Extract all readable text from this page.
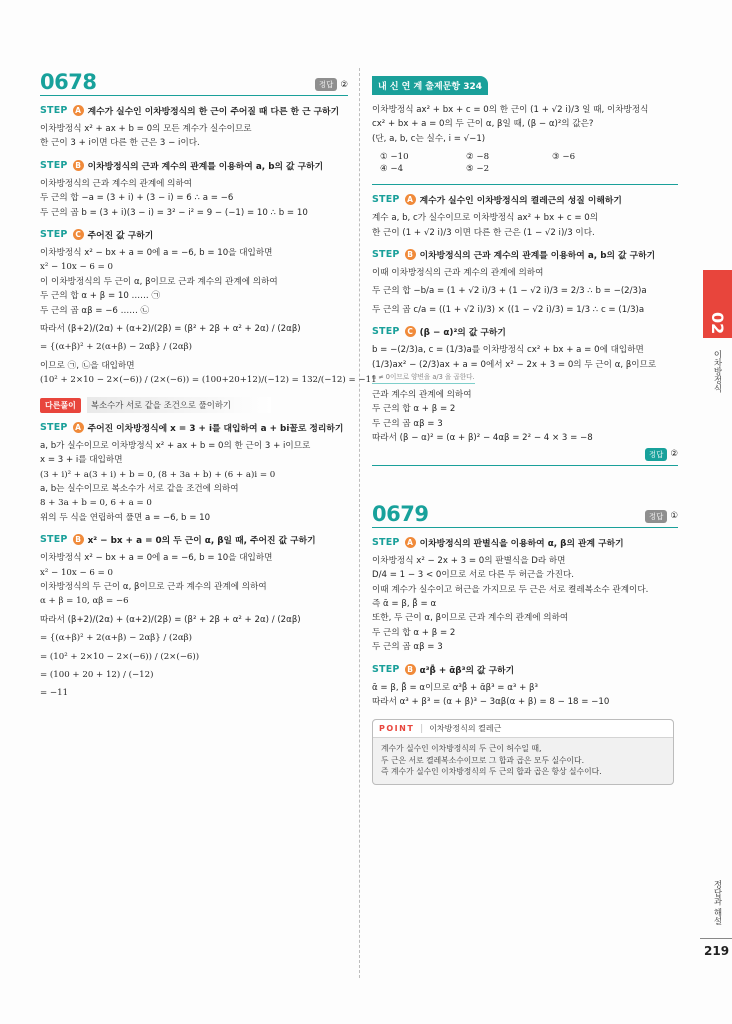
0678	정답 ②
STEP	A 계수가 실수인 이차방정식의 한 근이 주어질 때 다른 한 근 구하기
이차방정식 x² + ax + b = 0의 모든 계수가 실수이므로
한 근이 3 + i이면 다른 한 근은 3 − i이다.
STEP	B 이차방정식의 근과 계수의 관계를 이용하여 a, b의 값 구하기
이차방정식의 근과 계수의 관계에 의하여
두 근의 합 −a = (3 + i) + (3 − i) = 6 ∴ a = −6
두 근의 곱 b = (3 + i)(3 − i) = 3² − i² = 9 − (−1) = 10 ∴ b = 10
STEP	C 주어진 값 구하기
이차방정식 x² − bx + a = 0에 a = −6, b = 10을 대입하면
x² − 10x − 6 = 0
이 이차방정식의 두 근이 α, β이므로 근과 계수의 관계에 의하여
두 근의 합 α + β = 10 …… ㉠
두 근의 곱 αβ = −6 …… ㉡
따라서 (β+2)/(2α) + (α+2)/(2β) = (β² + 2β + α² + 2α) / (2αβ)
= {(α+β)² + 2(α+β) − 2αβ} / (2αβ)
이므로 ㉠, ㉡을 대입하면
(10² + 2×10 − 2×(−6)) / (2×(−6)) = (100+20+12)/(−12) = 132/(−12) = −11
다른풀이	복소수가 서로 같을 조건으로 풀이하기
STEP	A 주어진 이차방정식에 x = 3 + i를 대입하여 a + bi꼴로 정리하기
a, b가 실수이므로 이차방정식 x² + ax + b = 0의 한 근이 3 + i이므로
x = 3 + i를 대입하면
(3 + i)² + a(3 + i) + b = 0, (8 + 3a + b) + (6 + a)i = 0
a, b는 실수이므로 복소수가 서로 같을 조건에 의하여
8 + 3a + b = 0, 6 + a = 0
위의 두 식을 연립하여 풀면 a = −6, b = 10
STEP	B x² − bx + a = 0의 두 근이 α, β일 때, 주어진 값 구하기
이차방정식 x² − bx + a = 0에 a = −6, b = 10을 대입하면
x² − 10x − 6 = 0
이차방정식의 두 근이 α, β이므로 근과 계수의 관계에 의하여
α + β = 10, αβ = −6
따라서 (β+2)/(2α) + (α+2)/(2β) = (β² + 2β + α² + 2α) / (2αβ)
= {(α+β)² + 2(α+β) − 2αβ} / (2αβ)
= (10² + 2×10 − 2×(−6)) / (2×(−6))
= (100 + 20 + 12) / (−12)
= −11
내 신 연 계 출제문항 324
이차방정식 ax² + bx + c = 0의 한 근이 (1 + √2 i)/3 일 때, 이차방정식
cx² + bx + a = 0의 두 근이 α, β일 때, (β − α)²의 값은?
(단, a, b, c는 실수, i = √−1)
① −10	② −8	③ −6
④ −4	⑤ −2
STEP	A 계수가 실수인 이차방정식의 켤레근의 성질 이해하기
계수 a, b, c가 실수이므로 이차방정식 ax² + bx + c = 0의
한 근이 (1 + √2 i)/3 이면 다른 한 근은 (1 − √2 i)/3 이다.
STEP	B 이차방정식의 근과 계수의 관계를 이용하여 a, b의 값 구하기
이때 이차방정식의 근과 계수의 관계에 의하여
두 근의 합 −b/a = (1 + √2 i)/3 + (1 − √2 i)/3 = 2/3 ∴ b = −(2/3)a
두 근의 곱 c/a = ((1 + √2 i)/3) × ((1 − √2 i)/3) = 1/3 ∴ c = (1/3)a
STEP	C (β − α)²의 값 구하기
b = −(2/3)a, c = (1/3)a를 이차방정식 cx² + bx + a = 0에 대입하면
(1/3)ax² − (2/3)ax + a = 0에서 x² − 2x + 3 = 0의 두 근이 α, β이므로
a ≠ 0이므로 양변을 a/3 을 곱한다.
근과 계수의 관계에 의하여
두 근의 합 α + β = 2
두 근의 곱 αβ = 3
따라서 (β − α)² = (α + β)² − 4αβ = 2² − 4 × 3 = −8
정답 ②
0679	정답 ①
STEP	A 이차방정식의 판별식을 이용하여 α, β의 관계 구하기
이차방정식 x² − 2x + 3 = 0의 판별식을 D라 하면
D/4 = 1 − 3 < 0이므로 서로 다른 두 허근을 가진다.
이때 계수가 실수이고 허근을 가지므로 두 근은 서로 켤레복소수 관계이다.
즉 ᾱ = β, β̄ = α
또한, 두 근이 α, β이므로 근과 계수의 관계에 의하여
두 근의 합 α + β = 2
두 근의 곱 αβ = 3
STEP	B α³β̄ + ᾱβ³의 값 구하기
ᾱ = β, β̄ = α이므로 α³β̄ + ᾱβ³ = α³ + β³
따라서 α³ + β³ = (α + β)³ − 3αβ(α + β) = 8 − 18 = −10
POINT | 이차방정식의 켤레근
계수가 실수인 이차방정식의 두 근이 허수일 때,
두 근은 서로 켤레복소수이므로 그 합과 곱은 모두 실수이다.
즉 계수가 실수인 이차방정식의 두 근의 합과 곱은 항상 실수이다.
02
이차방정식
정답과 해설
219
